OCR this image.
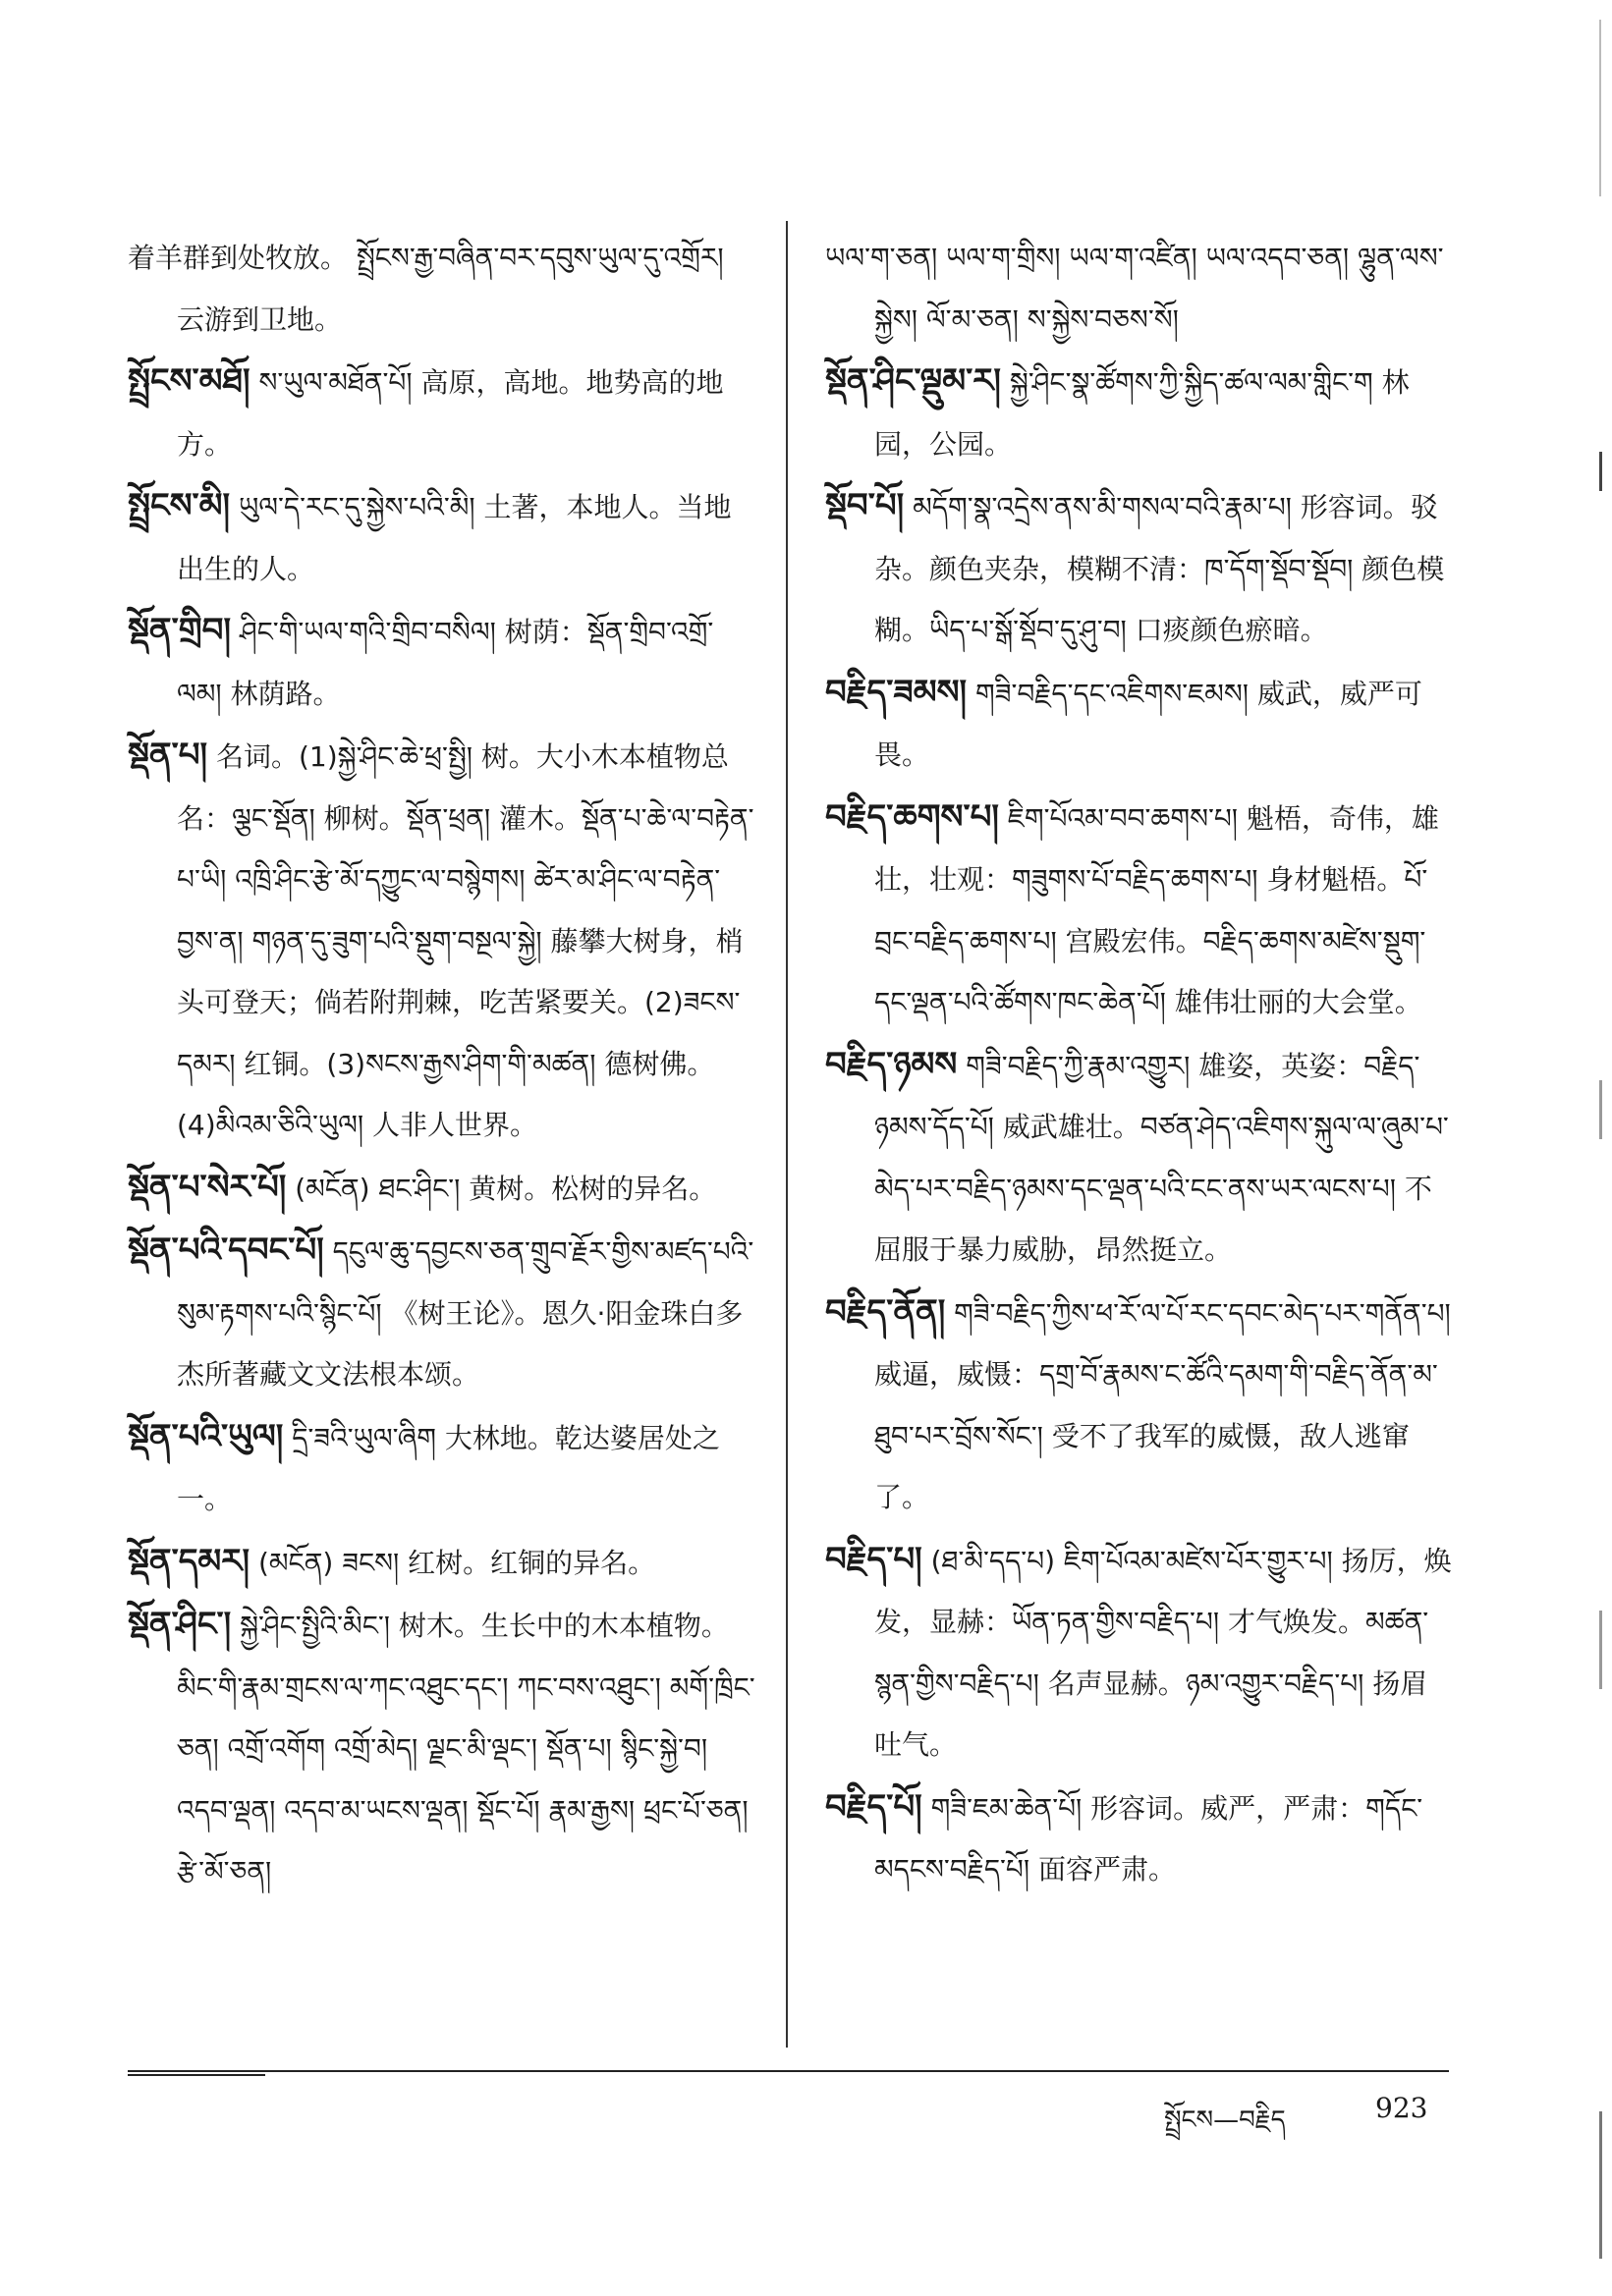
着羊群到处牧放。 སྤྲོངས་རྒྱ་བཞིན་བར་དབུས་ཡུལ་དུ་འགྲོར། 云游到卫地。

སྤྲོངས་མཐོ། ས་ཡུལ་མཐོན་པོ། 高原，高地。地势高的地方。

སྤྲོངས་མི། ཡུལ་དེ་རང་དུ་སྐྱེས་པའི་མི། 土著，本地人。当地出生的人。

སྡོན་གྲིབ། ཤིང་གི་ཡལ་གའི་གྲིབ་བསིལ། 树荫：སྡོན་གྲིབ་འགྲོ་ལམ། 林荫路。

སྡོན་པ། 名词。(1)སྐྱེ་ཤིང་ཆེ་ཕྲ་སྤྱི། 树。大小木本植物总名：ལྕང་སྡོན། 柳树。སྡོན་ཕྲན། 灌木。སྡོན་པ་ཆེ་ལ་བརྟེན་པ་ཡི། འཁྲི་ཤིང་རྩེ་མོ་དཀྱུང་ལ་བསྙེགས། ཚེར་མ་ཤིང་ལ་བརྟེན་བྱས་ན། གཉན་དུ་ཟུག་པའི་སྡུག་བསྔལ་སྐྱེ། 藤攀大树身，梢头可登天；倘若附荆棘，吃苦紧要关。(2)ཟངས་དམར། 红铜。(3)སངས་རྒྱས་ཤིག་གི་མཚན། 德树佛。(4)མིའམ་ཅིའི་ཡུལ། 人非人世界。

སྡོན་པ་སེར་པོ། (མངོན) ཐང་ཤིང་། 黄树。松树的异名。

སྡོན་པའི་དབང་པོ། དངུལ་ཆུ་དབྱངས་ཅན་གྲུབ་རྗོར་གྱིས་མཛད་པའི་སུམ་རྟགས་པའི་སྙིང་པོ། 《树王论》。恩久·阳金珠白多杰所著藏文文法根本颂。

སྡོན་པའི་ཡུལ། དྲི་ཟའི་ཡུལ་ཞིག 大林地。乾达婆居处之一。

སྡོན་དམར། (མངོན) ཟངས། 红树。红铜的异名。

སྡོན་ཤིང་། སྐྱེ་ཤིང་སྤྱིའི་མིང་། 树木。生长中的木本植物。མིང་གི་རྣམ་གྲངས་ལ་ཀང་འཐུང་དང་། ཀང་བས་འཐུང་། མགོ་ཁྲིང་ཅན། འགྲོ་འགོག འགྲོ་མེད། ལྗང་མི་ལྡང་། སྡོན་པ། སྙིང་སྐྱེ་བ། འདབ་ལྡན། འདབ་མ་ཡངས་ལྡན། སྡོང་པོ། རྣམ་རྒྱས། ཕྲང་པོ་ཅན། རྩེ་མོ་ཅན།

ཡལ་ག་ཅན། ཡལ་ག་གྲིས། ཡལ་ག་འཛིན། ཡལ་འདབ་ཅན། ལྷུན་ལས་སྐྱེས། ལོ་མ་ཅན། ས་སྐྱེས་བཅས་སོ།

སྡོན་ཤིང་ལྡུམ་ར། སྐྱེ་ཤིང་སྣ་ཚོགས་ཀྱི་སྐྱིད་ཚལ་ལམ་གླིང་ག 林园，公园。

སྡོབ་པོ། མདོག་སྣ་འདྲེས་ནས་མི་གསལ་བའི་རྣམ་པ། 形容词。驳杂。颜色夹杂，模糊不清：ཁ་དོག་སྡོབ་སྡོབ། 颜色模糊。ཡིད་པ་སྒོ་སྡོབ་དུ་ཤུ་བ། 口痰颜色瘀暗。

བརྗིད་ཟམས། གཟི་བརྗིད་དང་འཇིགས་ཇམས། 威武，威严可畏。

བརྗིད་ཆགས་པ། ཇིག་པོའམ་བབ་ཆགས་པ། 魁梧，奇伟，雄壮，壮观：གཟུགས་པོ་བརྗིད་ཆགས་པ། 身材魁梧。པོ་བྲང་བརྗིད་ཆགས་པ། 宫殿宏伟。བརྗིད་ཆགས་མཛེས་སྡུག་དང་ལྡན་པའི་ཚོགས་ཁང་ཆེན་པོ། 雄伟壮丽的大会堂。

བརྗིད་ཉམས གཟི་བརྗིད་ཀྱི་རྣམ་འགྱུར། 雄姿，英姿：བརྗིད་ཉམས་དོད་པོ། 威武雄壮。བཙན་ཤེད་འཇིགས་སྐུལ་ལ་ཞུམ་པ་མེད་པར་བརྗིད་ཉམས་དང་ལྡན་པའི་ངང་ནས་ཡར་ལངས་པ། 不屈服于暴力威胁，昂然挺立。

བརྗིད་ནོན། གཟི་བརྗིད་ཀྱིས་ཕ་རོ་ལ་པོ་རང་དབང་མེད་པར་གནོན་པ། 威逼，威慑：དགྲ་བོ་རྣམས་ང་ཚོའི་དམག་གི་བརྗིད་ནོན་མ་ཐུབ་པར་བྲོས་སོང་། 受不了我军的威慑，敌人逃窜了。

བརྗིད་པ། (ཐ་མི་དད་པ) ཇིག་པོའམ་མཛེས་པོར་གྱུར་པ། 扬厉，焕发，显赫：ཡོན་ཏན་གྱིས་བརྗིད་པ། 才气焕发。མཚན་སྙན་གྱིས་བརྗིད་པ། 名声显赫。ཉམ་འགྱུར་བརྗིད་པ། 扬眉吐气。

བརྗིད་པོ། གཟི་ཇམ་ཆེན་པོ། 形容词。威严，严肃：གདོང་མདངས་བརྗིད་པོ། 面容严肃。

སྤྲོངས—བརྗིད	923
